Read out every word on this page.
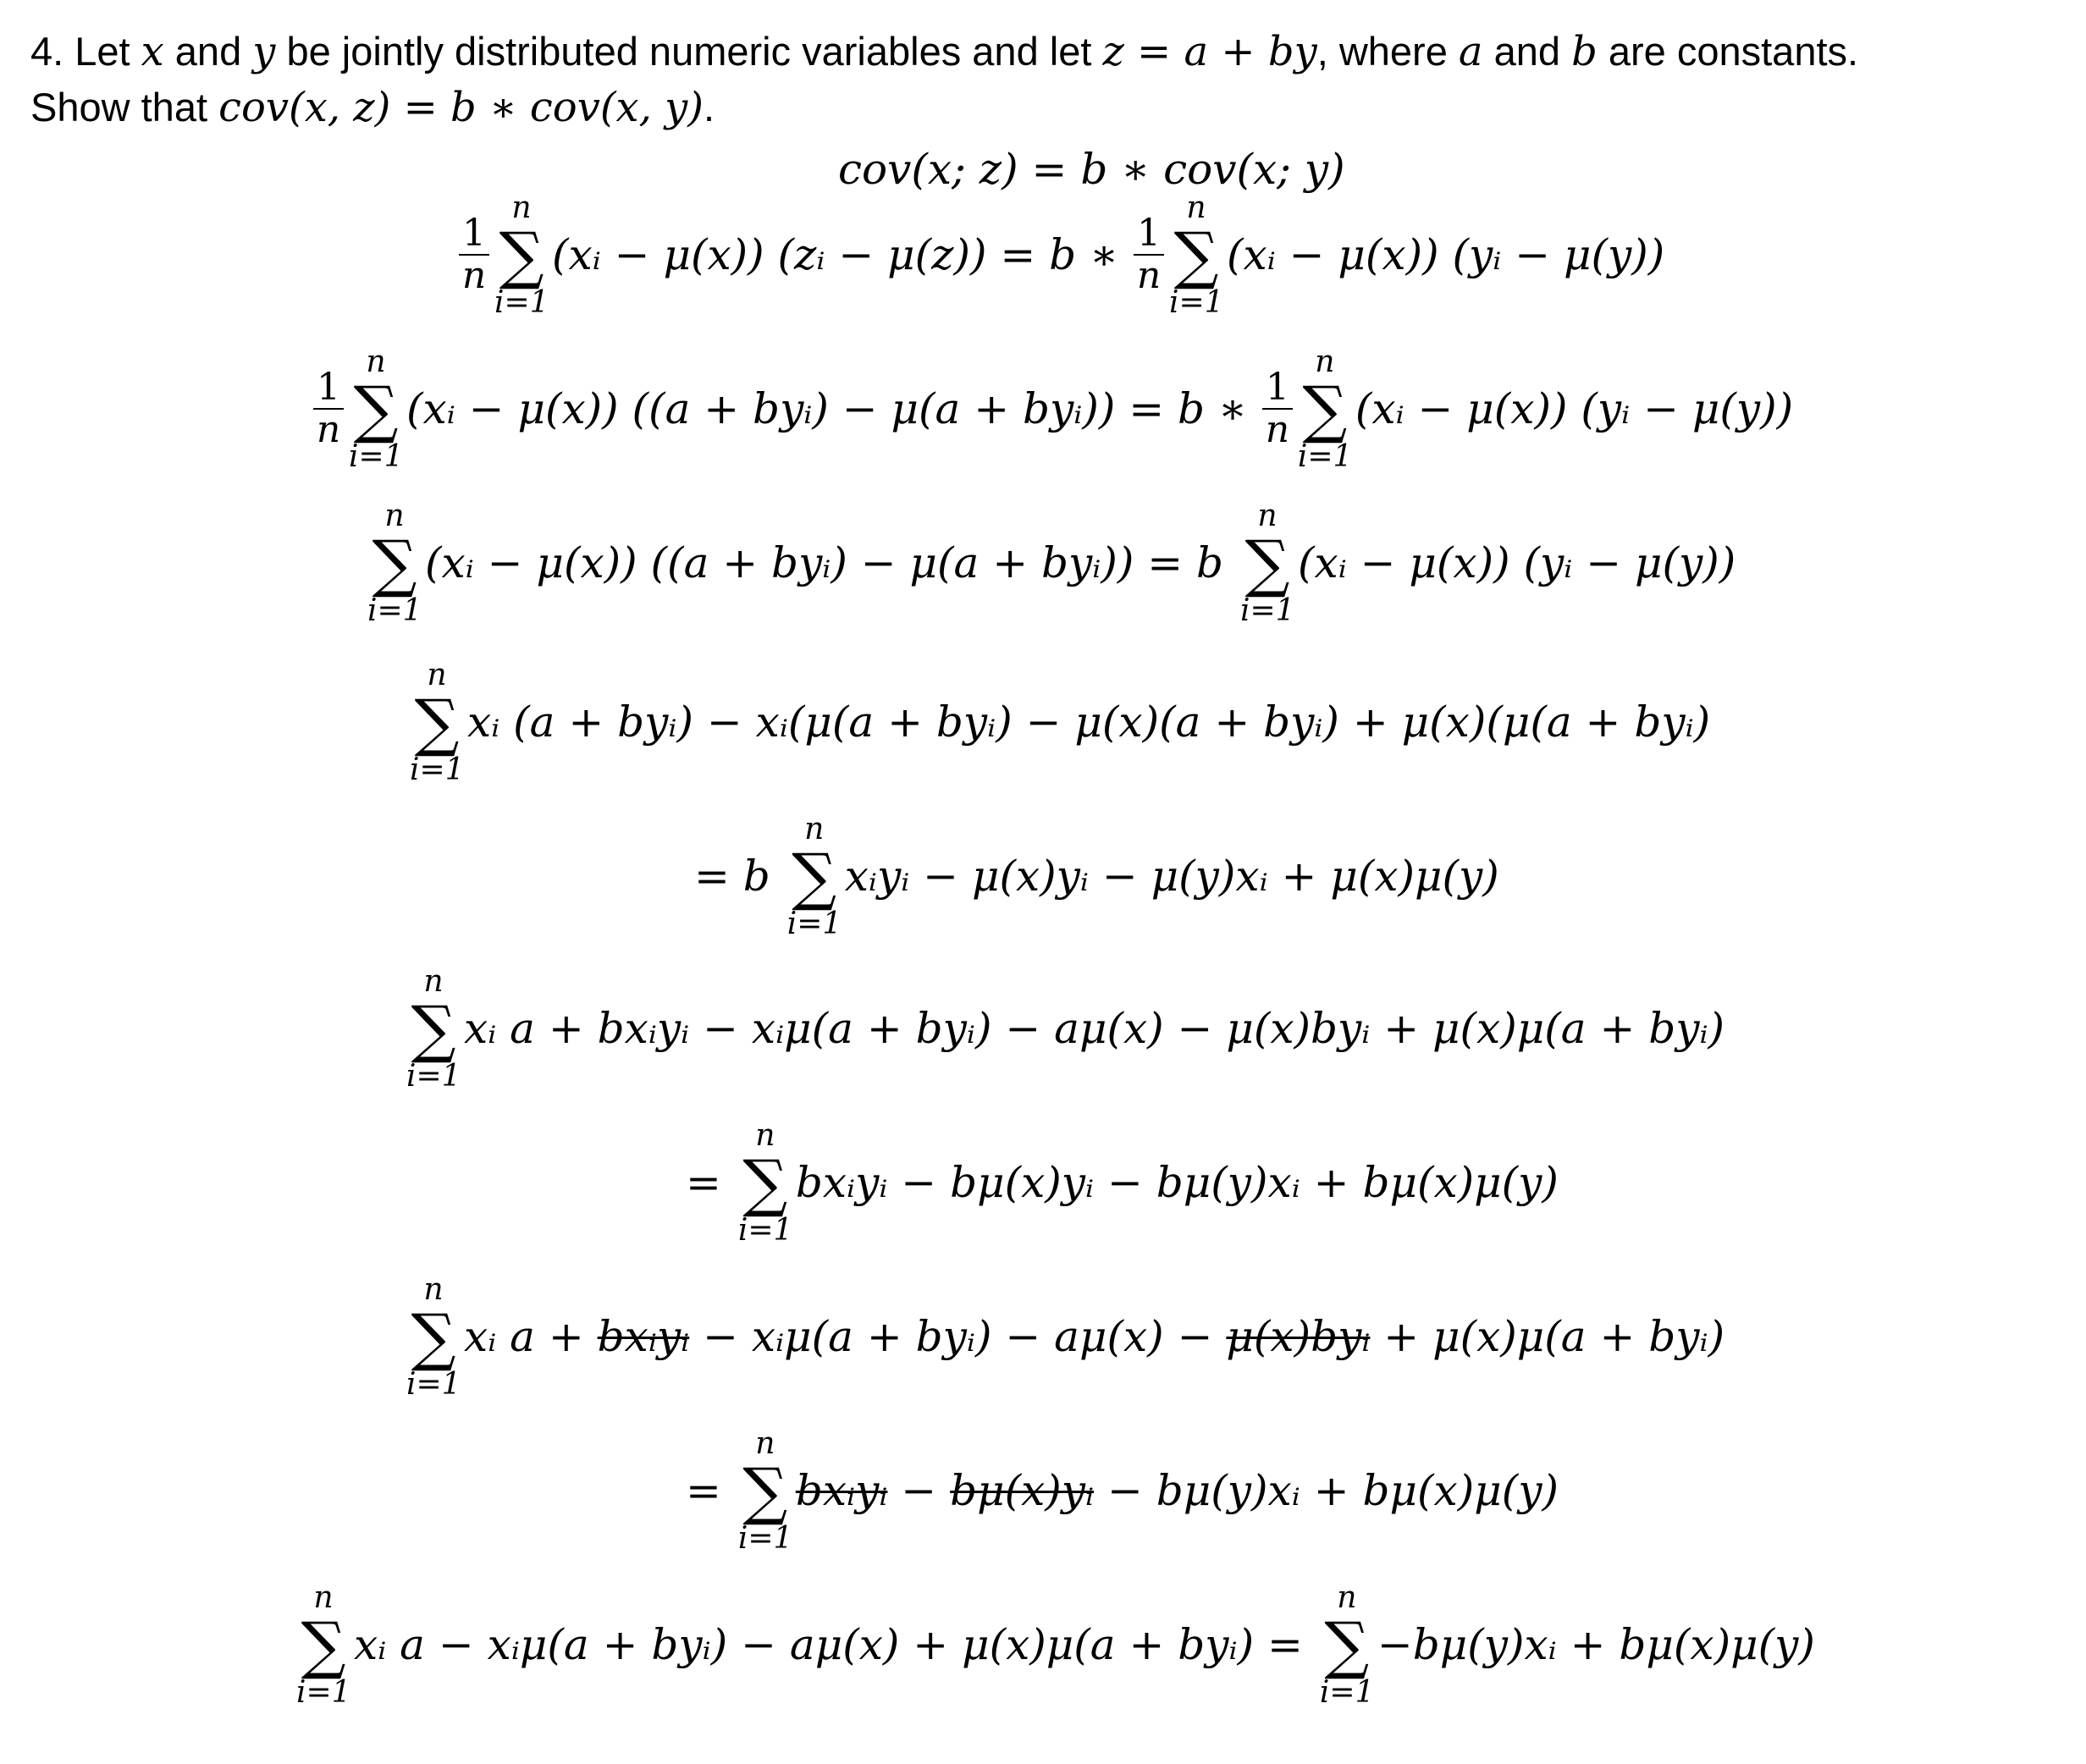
4. Let x and y be jointly distributed numeric variables and let z = a + by, where a and b are constants.
Show that cov(x, z) = b ∗ cov(x, y).
cov(x; z) = b ∗ cov(x; y)
$\frac{1}{n}$
n
∑
i=1
(xᵢ − μ(x)) (zᵢ − μ(z)) = b ∗ $\frac{1}{n}$
n
∑
i=1
(xᵢ − μ(x)) (yᵢ − μ(y))
$\frac{1}{n}$
n
∑
i=1
(xᵢ − μ(x)) ((a + byᵢ) − μ(a + byᵢ)) = b ∗ $\frac{1}{n}$
n
∑
i=1
(xᵢ − μ(x)) (yᵢ − μ(y))
n
∑
i=1
(xᵢ − μ(x)) ((a + byᵢ) − μ(a + byᵢ)) = b
n
∑
i=1
(xᵢ − μ(x)) (yᵢ − μ(y))
n
∑
i=1
xᵢ (a + byᵢ) − xᵢ(μ(a + byᵢ) − μ(x)(a + byᵢ) + μ(x)(μ(a + byᵢ)
= b
n
∑
i=1
xᵢyᵢ − μ(x)yᵢ − μ(y)xᵢ + μ(x)μ(y)
n
∑
i=1
xᵢ a + bxᵢyᵢ − xᵢμ(a + byᵢ) − aμ(x) − μ(x)byᵢ + μ(x)μ(a + byᵢ)
=
n
∑
i=1
bxᵢyᵢ − bμ(x)yᵢ − bμ(y)xᵢ + bμ(x)μ(y)
n
∑
i=1
xᵢ a + bxᵢyᵢ − xᵢμ(a + byᵢ) − aμ(x) − μ(x)byᵢ + μ(x)μ(a + byᵢ)
=
n
∑
i=1
bxᵢyᵢ − bμ(x)yᵢ − bμ(y)xᵢ + bμ(x)μ(y)
n
∑
i=1
xᵢ a − xᵢμ(a + byᵢ) − aμ(x) + μ(x)μ(a + byᵢ) =
n
∑
i=1
−bμ(y)xᵢ + bμ(x)μ(y)
